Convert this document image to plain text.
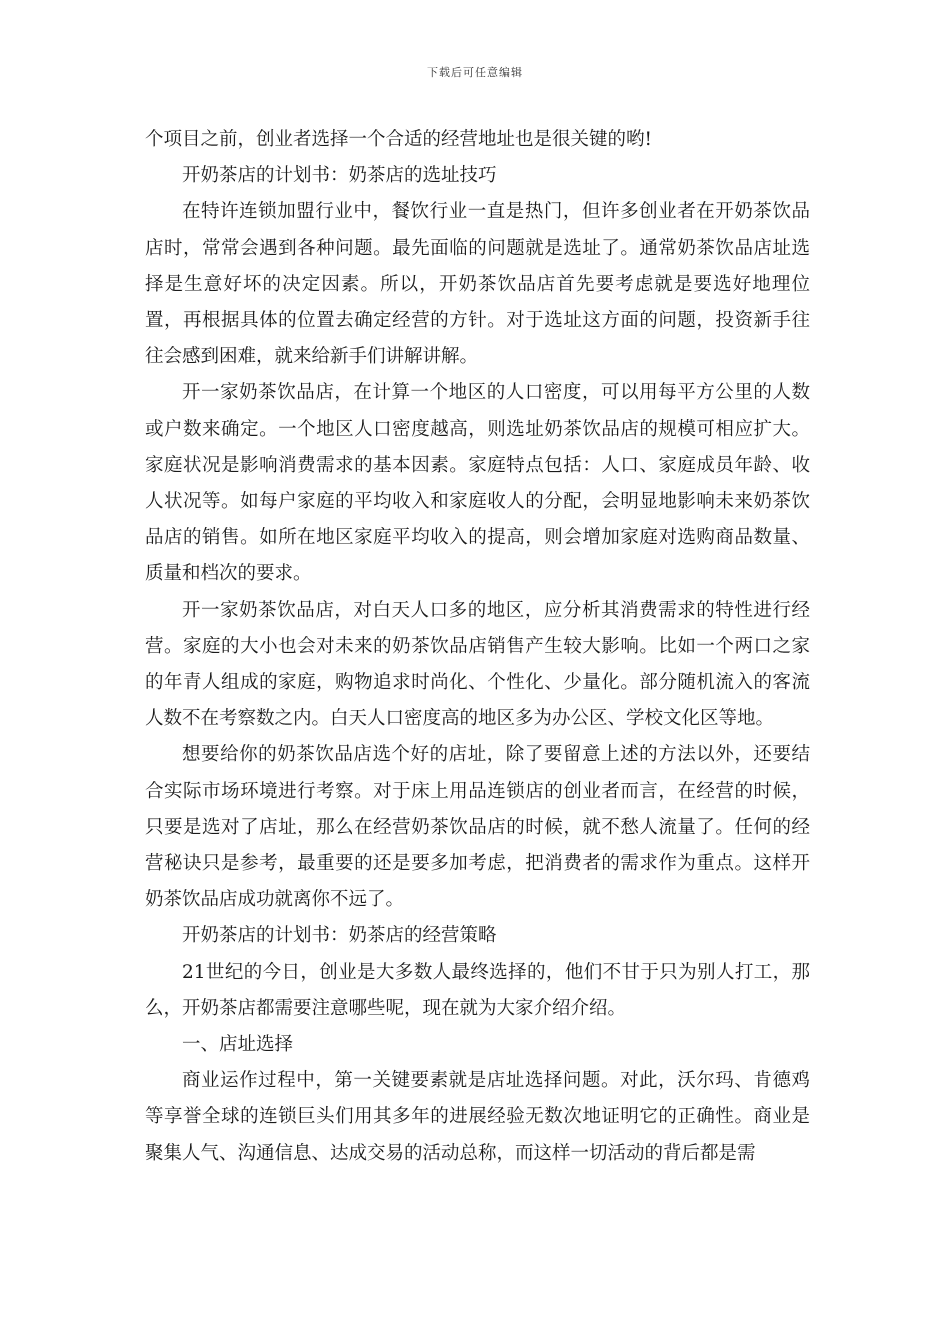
下载后可任意编辑

个项目之前，创业者选择一个合适的经营地址也是很关键的哟!

开奶茶店的计划书：奶茶店的选址技巧

在特许连锁加盟行业中，餐饮行业一直是热门，但许多创业者在开奶茶饮品店时，常常会遇到各种问题。最先面临的问题就是选址了。通常奶茶饮品店址选择是生意好坏的决定因素。所以，开奶茶饮品店首先要考虑就是要选好地理位置，再根据具体的位置去确定经营的方针。对于选址这方面的问题，投资新手往往会感到困难，就来给新手们讲解讲解。

开一家奶茶饮品店，在计算一个地区的人口密度，可以用每平方公里的人数或户数来确定。一个地区人口密度越高，则选址奶茶饮品店的规模可相应扩大。家庭状况是影响消费需求的基本因素。家庭特点包括：人口、家庭成员年龄、收人状况等。如每户家庭的平均收入和家庭收人的分配，会明显地影响未来奶茶饮品店的销售。如所在地区家庭平均收入的提高，则会增加家庭对选购商品数量、质量和档次的要求。

开一家奶茶饮品店，对白天人口多的地区，应分析其消费需求的特性进行经营。家庭的大小也会对未来的奶茶饮品店销售产生较大影响。比如一个两口之家的年青人组成的家庭，购物追求时尚化、个性化、少量化。部分随机流入的客流人数不在考察数之内。白天人口密度高的地区多为办公区、学校文化区等地。

想要给你的奶茶饮品店选个好的店址，除了要留意上述的方法以外，还要结合实际市场环境进行考察。对于床上用品连锁店的创业者而言，在经营的时候，只要是选对了店址，那么在经营奶茶饮品店的时候，就不愁人流量了。任何的经营秘诀只是参考，最重要的还是要多加考虑，把消费者的需求作为重点。这样开奶茶饮品店成功就离你不远了。

开奶茶店的计划书：奶茶店的经营策略

21世纪的今日，创业是大多数人最终选择的，他们不甘于只为别人打工，那么，开奶茶店都需要注意哪些呢，现在就为大家介绍介绍。

一、店址选择

商业运作过程中，第一关键要素就是店址选择问题。对此，沃尔玛、肯德鸡等享誉全球的连锁巨头们用其多年的进展经验无数次地证明它的正确性。商业是聚集人气、沟通信息、达成交易的活动总称，而这样一切活动的背后都是需
